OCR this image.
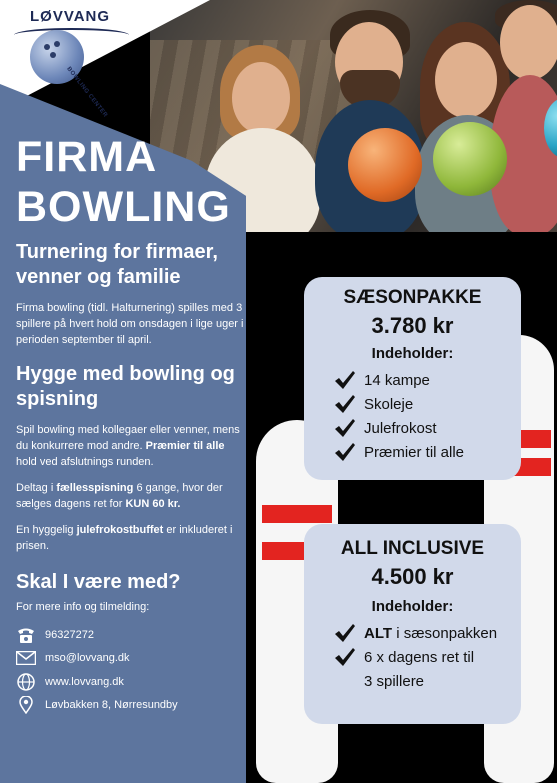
LØVVANG
BOWLING CENTER
FIRMA
BOWLING
Turnering for firmaer, venner og familie
Firma bowling (tidl. Halturnering) spilles med 3 spillere på hvert hold om onsdagen i lige uger i perioden september til april.
Hygge med bowling og spisning
Spil bowling med kollegaer eller venner, mens du konkurrere mod andre. Præmier til alle hold ved afslutnings runden.
Deltag i fællesspisning 6 gange, hvor der sælges dagens ret for KUN 60 kr.
En hyggelig julefrokostbuffet er inkluderet i prisen.
Skal I være med?
For mere info og tilmelding:
96327272
mso@lovvang.dk
www.lovvang.dk
Løvbakken 8, Nørresundby
SÆSONPAKKE
3.780 kr
Indeholder:
14 kampe
Skoleje
Julefrokost
Præmier til alle
ALL INCLUSIVE
4.500 kr
Indeholder:
ALT
i sæsonpakken
6 x dagens ret til
3 spillere
